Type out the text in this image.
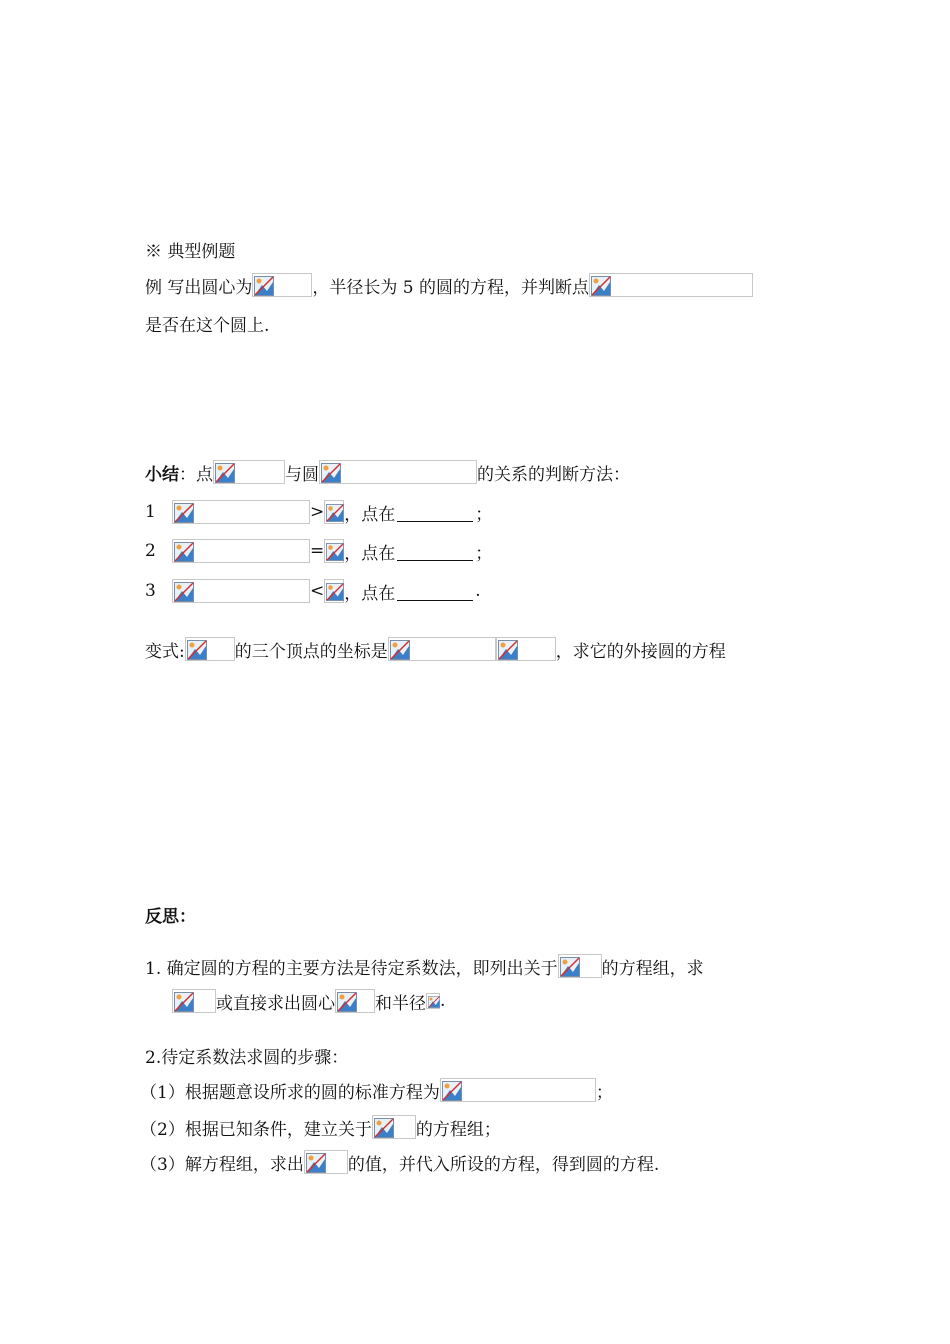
※ 典型例题
例 写出圆心为	，半径长为 5 的圆的方程，并判断点
是否在这个圆上.
小结 ：点	与圆	的关系的判断方法：
1	> ，点在	；
2	= ，点在	；
3	< ，点在	.
变式:	的三个顶点的坐标是	，求它的外接圆的方程
反思：
1. 确定圆的方程的主要方法是待定系数法，即列出关于	的方程组，求
或直接求出圆心 和半径 .
2.待定系数法求圆的步骤：
（1）根据题意设所求的圆的标准方程为	；
（2）根据已知条件，建立关于	的方程组；
（3）解方程组，求出	的值，并代入所设的方程，得到圆的方程.
